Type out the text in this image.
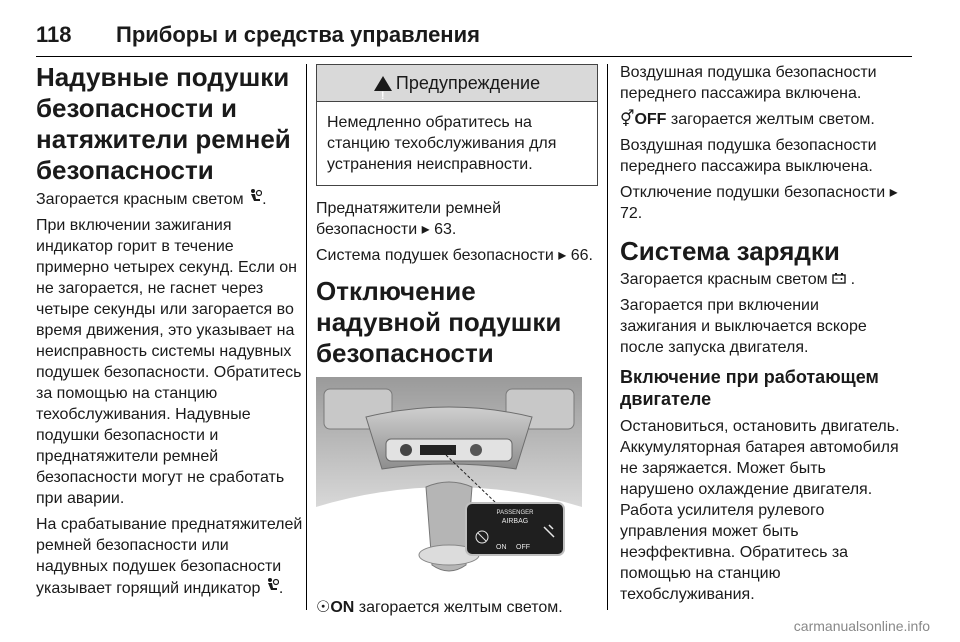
118	Приборы и средства управления
Надувные подушки безопасности и натяжители ремней безопасности

Загорается красным светом .

При включении зажигания индикатор горит в течение примерно четырех секунд. Если он не загорается, не гаснет через четыре секунды или загорается во время движения, это указывает на неисправность системы надувных подушек безопасности. Обратитесь за помощью на станцию техобслуживания. Надувные подушки безопасности и преднатяжители ремней безопасности могут не сработать при аварии.

На срабатывание преднатяжителей ремней безопасности или надувных подушек безопасности указывает горящий индикатор .

!Предупреждение
Немедленно обратитесь на станцию техобслуживания для устранения неисправности.

Преднатяжители ремней безопасности ▸ 63.

Система подушек безопасности ▸ 66.

Отключение надувной подушки безопасности
PASSENGER
AIRBAG
ON OFF

☉ON загорается желтым светом.

Воздушная подушка безопасности переднего пассажира включена.

⚥OFF загорается желтым светом.

Воздушная подушка безопасности переднего пассажира выключена.

Отключение подушки безопасности ▸ 72.

Система зарядки

Загорается красным светом  .

Загорается при включении зажигания и выключается вскоре после запуска двигателя.

Включение при работающем двигателе

Остановиться, остановить двигатель. Аккумуляторная батарея автомобиля не заряжается. Может быть нарушено охлаждение двигателя. Работа усилителя рулевого управления может быть неэффективна. Обратитесь за помощью на станцию техобслуживания.

carmanualsonline.info
